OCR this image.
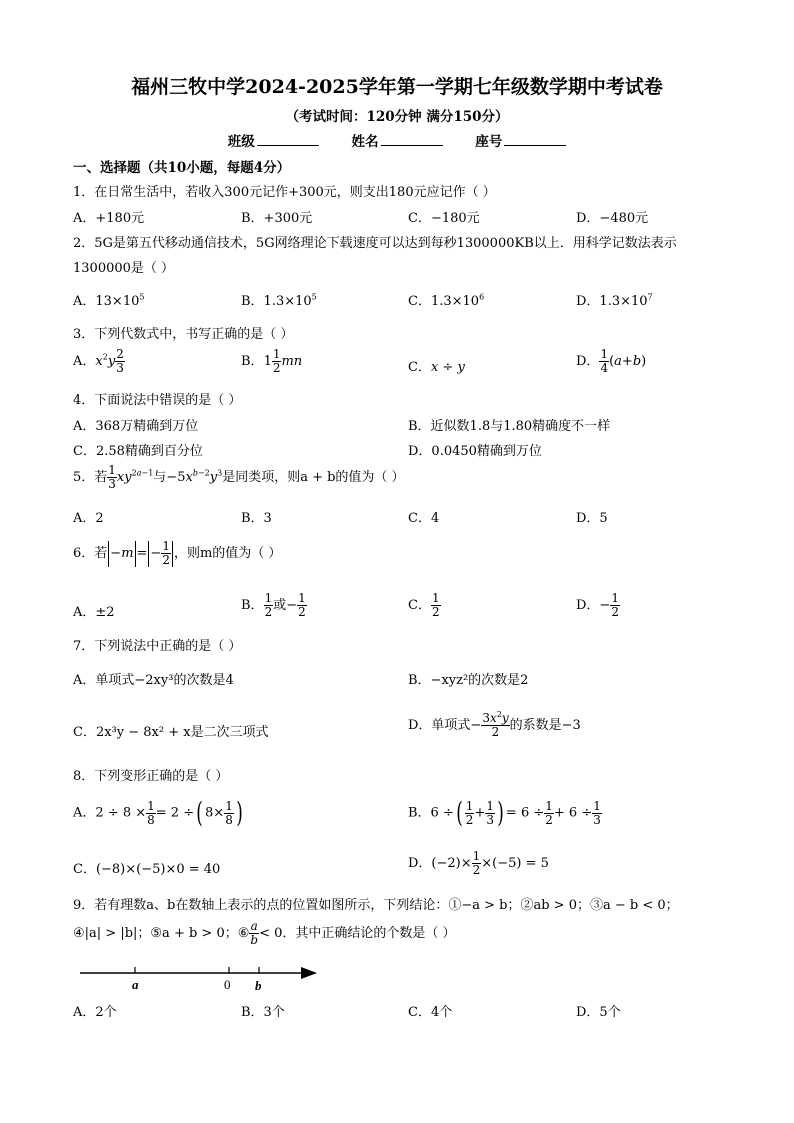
福州三牧中学2024-2025学年第一学期七年级数学期中考试卷
（考试时间：120分钟 满分150分）
班级	姓名	座号
一、选择题（共10小题，每题4分）
1．在日常生活中，若收入300元记作+300元，则支出180元应记作（ ）
A．+180元	B．+300元	C．−180元	D．−480元
2．5G是第五代移动通信技术，5G网络理论下载速度可以达到每秒1300000KB以上．用科学记数法表示
1300000是（ ）
A．$13\times 10^5$	B．$1.3\times 10^5$	C．$1.3\times 10^6$	D．$1.3\times 10^7$
3．下列代数式中，书写正确的是（ ）
A．$x^2y \frac{2}{3}$	B．$1 \frac{1}{2}$ mn	C．x ÷ y	D． $\frac{1}{4} (a+b)$
4．下面说法中错误的是（ ）
A．368万精确到万位	B．近似数1.8与1.80精确度不一样
C．2.58精确到百分位	D．0.0450精确到万位
5．若 $\frac{1}{3} xy^{2a-1}$与$-5x^{b-2}y^3$是同类项，则a + b的值为（ ）
A．2	B．3	C．4	D．5
6．若 −m = − $\frac{1}{2}$ ，则m的值为（ ）
A．±2	B． $\frac{1}{2}$ 或− $\frac{1}{2}$	C． $\frac{1}{2}$	D．− $\frac{1}{2}$
7．下列说法中正确的是（ ）
A．单项式−2xy³的次数是4	B．−xyz²的次数是2
C．2x³y − 8x² + x是二次三项式	D．单项式− $\frac{3x^2y}{2}$ 的系数是−3
8．下列变形正确的是（ ）
A．$2 \div 8 \times \frac{1}{8} = 2$ ÷( $8\times \frac{1}{8}$ )	B．6 ÷( $\frac{1}{2} + \frac{1}{3}$ ) = $6 \div \frac{1}{2} + 6 \div \frac{1}{3}$
C．(−8)×(−5)×0 = 40	D．$(-2)\times \frac{1}{2} \times(-5) = 5$
9．若有理数a、b在数轴上表示的点的位置如图所示，下列结论：①−a > b；②ab > 0；③a − b < 0；
④|a| > |b|；⑤a + b > 0；⑥ $\frac{a}{b} < 0$．其中正确结论的个数是（ ）
a	0 b
A．2个	B．3个	C．4个	D．5个
